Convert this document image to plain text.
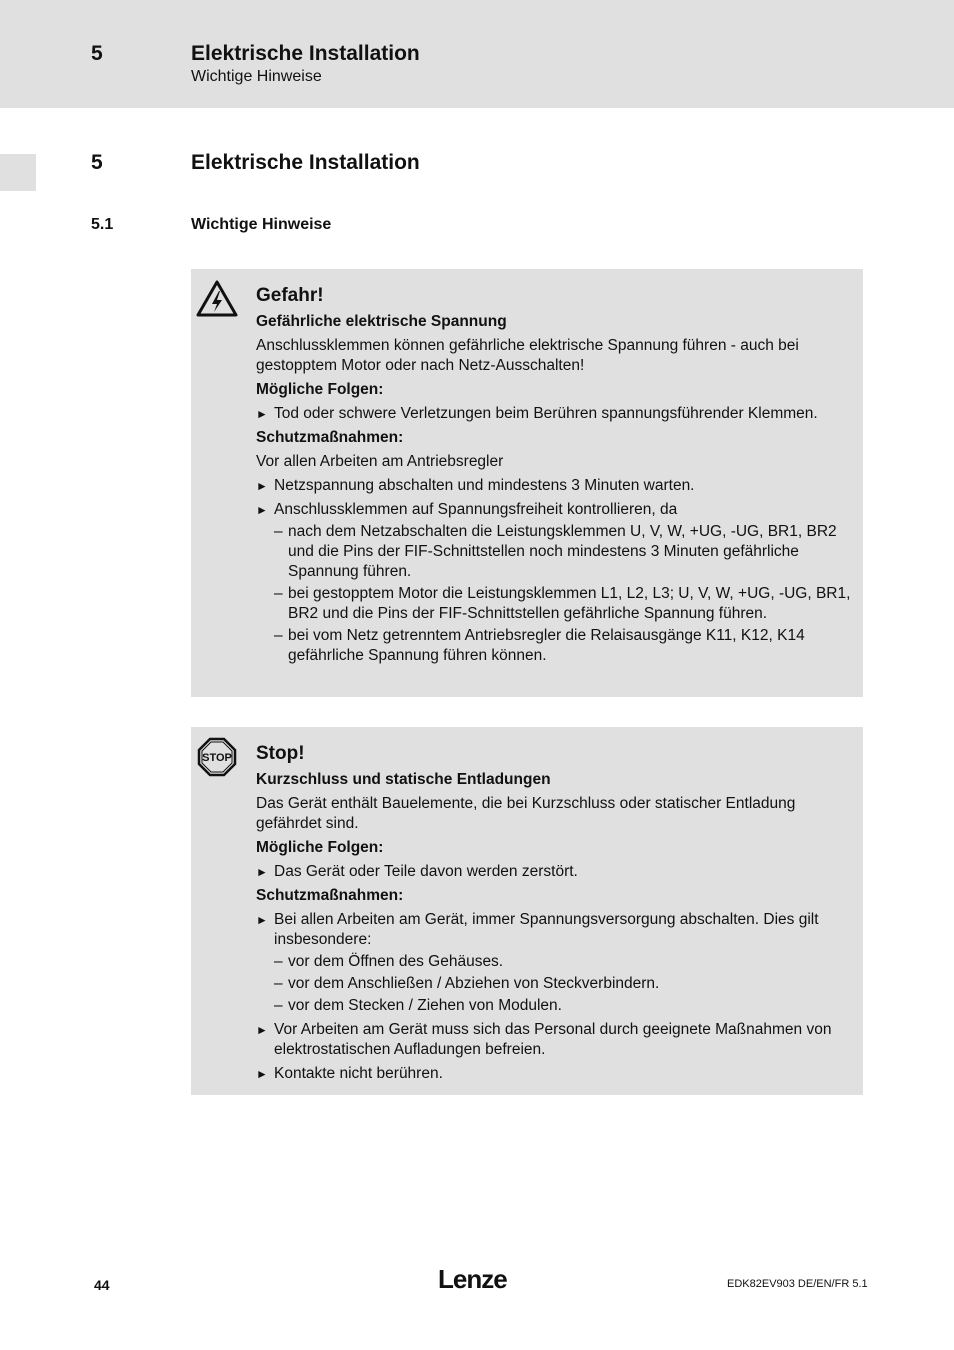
5	Elektrische Installation
Wichtige Hinweise
5	Elektrische Installation
5.1	Wichtige Hinweise
Gefahr!
Gefährliche elektrische Spannung
Anschlussklemmen können gefährliche elektrische Spannung führen - auch bei gestopptem Motor oder nach Netz-Ausschalten!
Mögliche Folgen:
► Tod oder schwere Verletzungen beim Berühren spannungsführender Klemmen.
Schutzmaßnahmen:
Vor allen Arbeiten am Antriebsregler
► Netzspannung abschalten und mindestens 3 Minuten warten.
► Anschlussklemmen auf Spannungsfreiheit kontrollieren, da
– nach dem Netzabschalten die Leistungsklemmen U, V, W, +UG, -UG, BR1, BR2 und die Pins der FIF-Schnittstellen noch mindestens 3 Minuten gefährliche Spannung führen.
– bei gestopptem Motor die Leistungsklemmen L1, L2, L3; U, V, W, +UG, -UG, BR1, BR2 und die Pins der FIF-Schnittstellen gefährliche Spannung führen.
– bei vom Netz getrenntem Antriebsregler die Relaisausgänge K11, K12, K14 gefährliche Spannung führen können.
STOP Stop!
Kurzschluss und statische Entladungen
Das Gerät enthält Bauelemente, die bei Kurzschluss oder statischer Entladung gefährdet sind.
Mögliche Folgen:
► Das Gerät oder Teile davon werden zerstört.
Schutzmaßnahmen:
► Bei allen Arbeiten am Gerät, immer Spannungsversorgung abschalten. Dies gilt insbesondere:
– vor dem Öffnen des Gehäuses.
– vor dem Anschließen / Abziehen von Steckverbindern.
– vor dem Stecken / Ziehen von Modulen.
► Vor Arbeiten am Gerät muss sich das Personal durch geeignete Maßnahmen von elektrostatischen Aufladungen befreien.
► Kontakte nicht berühren.
44	Lenze	EDK82EV903 DE/EN/FR 5.1
